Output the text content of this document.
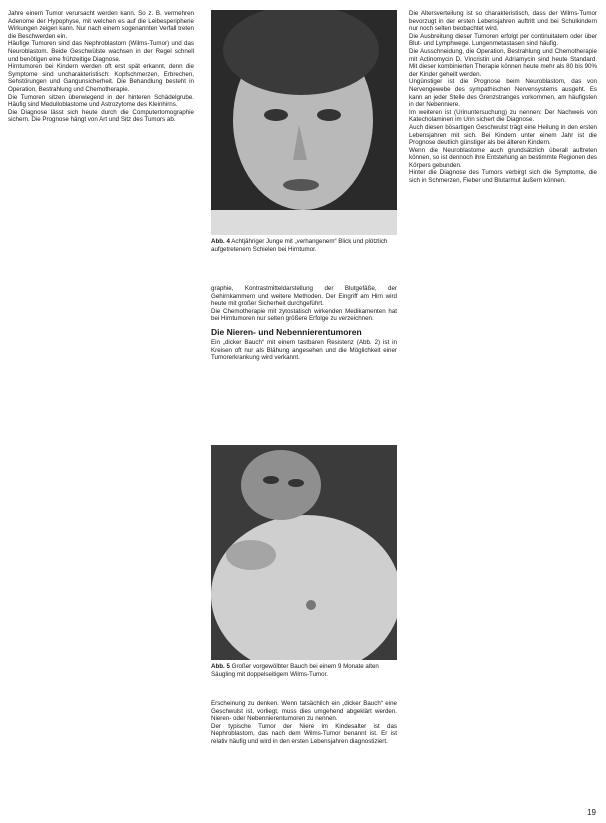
Jahre einem Tumor verursacht werden kann. So z. B. vermehren Adenome der Hypophyse, mit welchen es auf die Leibesperipherie Wirkungen zeigen kann. Nur nach einem sogenannten Verfall treten die Beschwerden ein.

Häufige Tumoren sind das Nephroblastom (Wilms-Tumor) und das Neuroblastom. Beide Geschwülste wachsen in der Regel schnell und benötigen eine frühzeitige Diagnose.

Hirntumoren bei Kindern werden oft erst spät erkannt, denn die Symptome sind uncharakteristisch: Kopfschmerzen, Erbrechen, Sehstörungen und Gangunsicherheit. Die Behandlung besteht in Operation, Bestrahlung und Chemotherapie.

Die Tumoren sitzen überwiegend in der hinteren Schädelgrube. Häufig sind Medulloblastome und Astrozytome des Kleinhirns.

Die Diagnose lässt sich heute durch die Computertomographie sichern. Die Prognose hängt von Art und Sitz des Tumors ab.

Abb. 4 Achtjähriger Junge mit „verhangenem“ Blick und plötzlich aufgetretenem Schielen bei Hirntumor.

graphie, Kontrastmitteldarstellung der Blutgefäße, der Gehirnkammern und weitere Methoden. Der Eingriff am Hirn wird heute mit großer Sicherheit durchgeführt.

Die Chemotherapie mit zytostatisch wirkenden Medikamenten hat bei Hirntumoren nur selten größere Erfolge zu verzeichnen.

Die Nieren- und Nebennierentumoren

Ein „dicker Bauch“ mit einem tastbaren Resistenz (Abb. 2) ist in Kreisen oft nur als Blähung angesehen und die Möglichkeit einer Tumorerkrankung wird verkannt.

Abb. 5 Großer vorgewölbter Bauch bei einem 9 Monate alten Säugling mit doppelseitigem Wilms-Tumor.

Erscheinung zu denken. Wenn tatsächlich ein „dicker Bauch“ eine Geschwulst ist, vorliegt, muss dies umgehend abgeklärt werden. Nieren- oder Nebennierentumoren zu nennen.

Der typische Tumor der Niere im Kindesalter ist das Nephroblastom, das nach dem Wilms-Tumor benannt ist. Er ist relativ häufig und wird in den ersten Lebensjahren diagnostiziert.

Die Altersverteilung ist so charakteristisch, dass der Wilms-Tumor bevorzugt in der ersten Lebensjahren auftritt und bei Schulkindern nur noch selten beobachtet wird.

Die Ausbreitung dieser Tumoren erfolgt per continuitatem oder über Blut- und Lymphwege. Lungenmetastasen sind häufig.

Die Ausschneidung, die Operation, Bestrahlung und Chemotherapie mit Actinomycin D, Vincristin und Adriamycin sind heute Standard. Mit dieser kombinierten Therapie können heute mehr als 80 bis 90% der Kinder geheilt werden.

Ungünstiger ist die Prognose beim Neuroblastom, das von Nervengewebe des sympathischen Nervensystems ausgeht. Es kann an jeder Stelle des Grenzstranges vorkommen, am häufigsten in der Nebenniere.

Im weiteren ist (Urinuntersuchung) zu nennen: Der Nachweis von Katecholaminen im Urin sichert die Diagnose.

Auch diesen bösartigen Geschwulst trägt eine Heilung in den ersten Lebensjahren mit sich. Bei Kindern unter einem Jahr ist die Prognose deutlich günstiger als bei älteren Kindern.

Wenn die Neuroblastome auch grundsätzlich überall auftreten können, so ist dennoch ihre Entstehung an bestimmte Regionen des Körpers gebunden.

Hinter die Diagnose des Tumors verbirgt sich die Symptome, die sich in Schmerzen, Fieber und Blutarmut äußern können.

19
